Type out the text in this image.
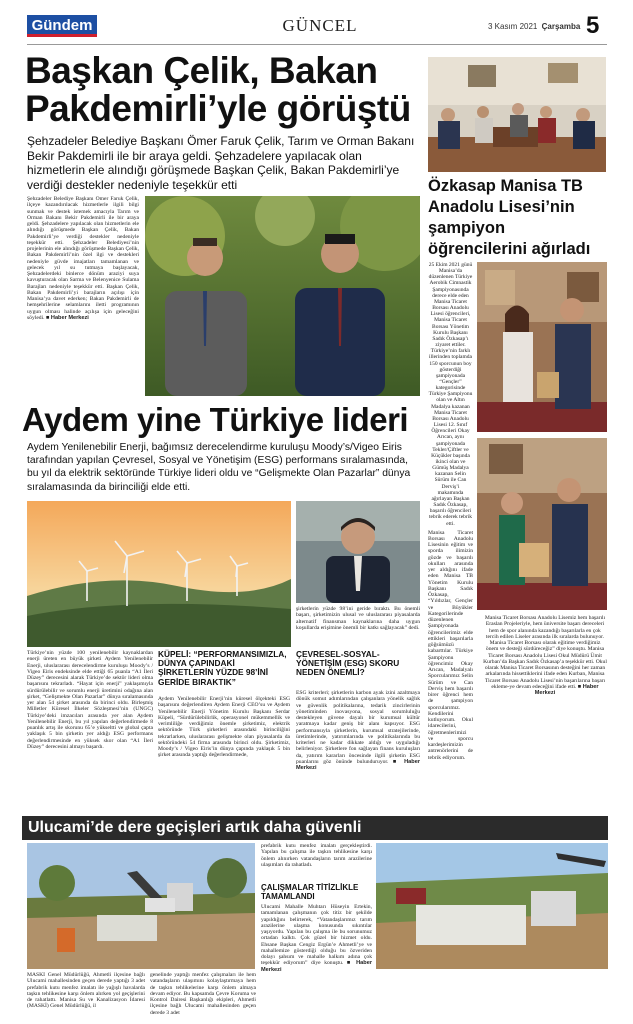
Gündem	GÜNCEL	3 Kasım 2021 Çarşamba 5
Başkan Çelik, Bakan
Pakdemirli’yle görüştü
Şehzadeler Belediye Başkanı Ömer Faruk Çelik, Tarım ve Orman Bakanı Bekir Pakdemirli ile bir araya geldi. Şehzadelere yapılacak olan hizmetlerin ele alındığı görüşmede Başkan Çelik, Bakan Pakdemirli’ye verdiği destekler nedeniyle teşekkür etti
Şehzadeler Belediye Başkanı Ömer Faruk Çelik, ilçeye kazandırılacak hizmetlerle ilgili bilgi sunmak ve destek istemek amacıyla Tarım ve Orman Bakanı Bekir Pakdemirli ile bir araya geldi. Şehzadelere yapılacak olan hizmetlerin ele alındığı görüşmede Başkan Çelik, Bakan Pakdemirli’ye verdiği destekler nedeniyle teşekkür etti. Şehzadeler Belediyesi’nin projelerinin ele alındığı görüşmede Başkan Çelik, Bakan Pakdemirli’nin özel ilgi ve destekleri nedeniyle güvde imajatları tamamlanan ve gelecek yıl su tutmaya başlayacak, Şehzadelerdeki binlerce dönüm araziyi suya kavuşturacak olan Sarma ve Belenyenice Sulama Barajları nedeniyle teşekkür etti. Başkan Çelik, Bakan Pakdemirli’yi barajların açılışı için Manisa’ya davet ederken; Bakan Pakdemirli de hemşehrilerine selamlarını iletti programının uygun olması halinde açılışa için geleceğini söyledi. ■ Haber Merkezi
Özkasap Manisa TB Anadolu Lisesi’nin şampiyon öğrencilerini ağırladı
25 Ekim 2021 günü Manisa’da düzenlenen Türkiye Aerobik Cimnastik Şampiyonasında derece elde eden Manisa Ticaret Borsası Anadolu Lisesi öğrencileri, Manisa Ticaret Borsası Yönetim Kurulu Başkanı Sadık Özkasap’ı ziyaret ettiler. Türkiye’nin farklı illerinden toplamda 150 sporcunun boy gösterdiği şampiyonada “Gençler” kategorisinde Türkiye Şampiyonu olan ve Altın Madalya kazanan Manisa Ticaret Borsası Anadolu Lisesi 12. Sınıf Öğrencileri Okay Arıcan, aynı şampiyonada Tekler/Çiftler ve Küçükler başında ikinci olan ve Gümüş Madalya kazanan Selin Sürüm ile Can Derviş’i makamında ağırlayan Başkan Sadık Özkasap, başarılı öğrencileri tebrik ederek tebrik etti.
Manisa Ticaret Borsası Anadolu Lisesinin eğitim ve sporda ilimizin gözde ve başarılı okulları arasında yer aldığını ifade eden Manisa TB Yönetim Kurulu Başkanı Sadık Özkasap, “Yıldızlar, Gençler ve Büyükler Kategorilerinde düzenlenen Şampiyonada öğrencilerimiz elde ettikleri başarılarla göğsümüzü kabarttılar. Türkiye Şampiyonu öğrencimiz Okay Arıcan, Madalyalı Sporcularımız Selin Sürüm ve Can Derviş hem başarılı birer öğrenci hem de şampiyon sporcularımız. Kendilerini kutluyorum. Okul idarecilerini, öğretmenlerimizi ve sporcu kardeşlerimizin antrenörlerini de tebrik ediyorum.
Manisa Ticaret Borsası Anadolu Lisemiz hem başarılı Eraslan Projeleriyle, hem üniversite başarı dereceleri hem de spor alanında kazandığı başarılarla en çok tercih edilen Liseler arasında ilk sıralarda bulunuyor. Manisa Ticaret Borsası olarak eğitime verdiğimiz önem ve desteği sürdüreceğiz” diye konuştu. Manisa Ticaret Borsası Anadolu Lisesi Okul Müdürü Ümit Kurban’da Başkan Sadık Özkasap’a teşekkür etti. Okul olarak Manisa Ticaret Borsasının desteğini her zaman arkalarında hissettiklerini ifade eden Kurban, Manisa Ticaret Borsası Anadolu Lisesi’nin başarılarına başarı ekleme-ye devam edeceğini ifade etti. ■ Haber Merkezi
Aydem yine Türkiye lideri
Aydem Yenilenebilir Enerji, bağımsız derecelendirme kuruluşu Moody’s/Vigeo Eiris tarafından yapılan Çevresel, Sosyal ve Yönetişim (ESG) performans sıralamasında, bu yıl da elektrik sektöründe Türkiye lideri oldu ve “Gelişmekte Olan Pazarlar” dünya sıralamasında da birinciliği elde etti.
şirketlerin yüzde 98’ini geride bıraktı. Bu önemli başarı, şirketimizin ulusal ve uluslararası piyasalarda alternatif finansman kaynaklarına daha uygun koşullarda erişimine önemli bir katkı sağlayacak” dedi.
Türkiye’nin yüzde 100 yenilenebilir kaynaklardan enerji üreten en büyük şirketi Aydem Yenilenebilir Enerji, uluslararası derecelendirme kuruluşu Moody’s / Vigeo Eiris endeksinde elde ettiği 65 puanla “A1 İleri Düzey” derecesini alarak Türkiye’de sektör lideri olma başarısını tekrarladı. “Hayat için enerji” yaklaşımıyla sürdürülebilir ve sorumlu enerji üretimini odağına alan şirket, “Gelişmekte Olan Pazarlar” dünya sıralamasında yer alan 54 şirket arasında da birinci oldu. Birleşmiş Milletler Küresel İlkeler Sözleşmesi’nin (UNGC) Türkiye’deki imzacıları arasında yer alan Aydem Yenilenebilir Enerji, bu yıl yapılan değerlendirmede 8 puanlık artış ile skorunu 65’e yükseltti ve global çapta yaklaşık 5 bin şirketin yer aldığı ESG performans değerlendirmesinde en yüksek skor olan “A1 İleri Düzey” derecesini almayı başardı.
KÜPELİ: “PERFORMANSIMIZLA, DÜNYA ÇAPINDAKİ ŞİRKETLERİN YÜZDE 98’İNİ GERİDE BIRAKTIK”
Aydem Yenilenebilir Enerji’nin küresel ölçekteki ESG başarısını değerlendiren Aydem Enerji CEO’su ve Aydem Yenilenebilir Enerji Yönetim Kurulu Başkanı Serdar Küpeli, “Sürdürülebilirlik, operasyonel mükemmellik ve verimliliğe verdiğimiz önemle şirketimiz, elektrik sektöründe Türk şirketleri arasındaki birinciliğini tekrarlarken, uluslararası gelişmekte olan piyasalarda da sektöründeki 54 firma arasında birinci oldu. Şirketimiz, Moody’s / Vigeo Eiris’in dünya çapında yaklaşık 5 bin şirket arasında yaptığı değerlendirmede,
ÇEVRESEL-SOSYAL-YÖNETİŞİM (ESG) SKORU NEDEN ÖNEMLİ?
ESG kriterleri; şirketlerin karbon ayak izini azaltmaya dönük somut adımlarından çalışanlara yönelik sağlık ve güvenlik politikalarına, tedarik zincirlerinin yönetiminden inovasyona, sosyal sorumluluğu destekleyen güvene dayalı bir kurumsal kültür yaratmaya kadar geniş bir alanı kapsıyor. ESG performansıyla şirketlerin, kurumsal stratejilerinde, üretimlerinde, yatırımlarında ve politikalarında bu kriterleri ne kadar dikkate aldığı ve uyguladığı belirleniyor. Şirketlere fon sağlayan finans kuruluşları da, yatırım kararları öncesinde ilgili şirketin ESG puanlarını göz önünde bulunduruyor. ■ Haber Merkezi
Ulucami’de dere geçişleri artık daha güvenli
MASKİ Genel Müdürlüğü, Ahmetli ilçesine bağlı Ulucami mahallesinden geçen derede yaptığı 3 adet prefabrik kutu menfez imalatı ile yağışlı havalarda taşkın tehlikesine karşı önlem alırken yol geçişlerini de rahatlattı. Manisa Su ve Kanalizasyon İdaresi (MASKİ) Genel Müdürlüğü, il
genelinde yaptığı menfez çalışmaları ile hem vatandaşların ulaşımını kolaylaştırmaya hem de taşkın tehlikelerine karşı önlem almaya devam ediyor. Bu kapsamda Çevre Koruma ve Kontrol Dairesi Başkanlığı ekipleri, Ahmetli ilçesine bağlı Ulucami mahallesinden geçen derede 3 adet
prefabrik kutu menfez imalatı gerçekleştirdi. Yapılan bu çalışma ile taşkın tehlikesine karşı önlem alınırken vatandaşların tarım arazilerine ulaşımları da rahatladı.
ÇALIŞMALAR TİTİZLİKLE TAMAMLANDI
Ulucami Mahalle Muhtarı Hüseyin Ertekin, tamamlanan çalışmanın çok titiz bir şekilde yapıldığını belirterek, “Vatandaşlarımız tarım arazilerine ulaşma konusunda sıkıntılar yaşıyordu. Yapılan bu çalışma ile bu sorunumuz ortadan kalktı. Çok güzel bir hizmet oldu. Ehsane Başkan Cengiz Ergün’e Ahmetli’ye ve mahallemize gösterdiği olduğu bu özveriden dolayı şahsım ve mahalle halkım adına çok teşekkür ediyorum” diye konuştu. ■ Haber Merkezi
